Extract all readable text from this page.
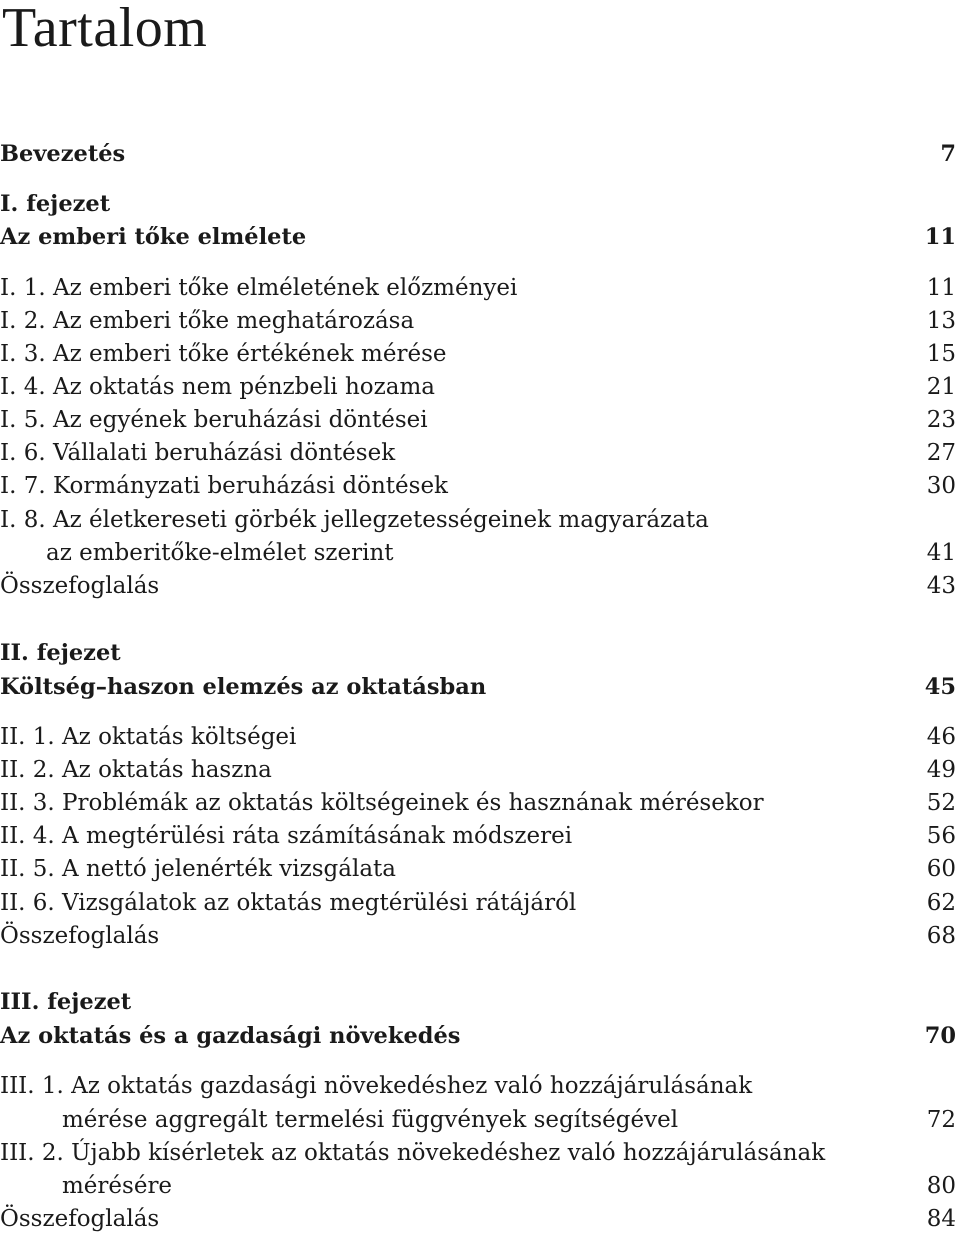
Tartalom
Bevezetés	7
I. fejezet
Az emberi tőke elmélete	11
I. 1. Az emberi tőke elméletének előzményei	11
I. 2. Az emberi tőke meghatározása	13
I. 3. Az emberi tőke értékének mérése	15
I. 4. Az oktatás nem pénzbeli hozama	21
I. 5. Az egyének beruházási döntései	23
I. 6. Vállalati beruházási döntések	27
I. 7. Kormányzati beruházási döntések	30
I. 8. Az életkereseti görbék jellegzetességeinek magyarázata
az emberitőke-elmélet szerint	41
Összefoglalás	43
II. fejezet
Költség–haszon elemzés az oktatásban	45
II. 1. Az oktatás költségei	46
II. 2. Az oktatás haszna	49
II. 3. Problémák az oktatás költségeinek és hasznának mérésekor	52
II. 4. A megtérülési ráta számításának módszerei	56
II. 5. A nettó jelenérték vizsgálata	60
II. 6. Vizsgálatok az oktatás megtérülési rátájáról	62
Összefoglalás	68
III. fejezet
Az oktatás és a gazdasági növekedés	70
III. 1. Az oktatás gazdasági növekedéshez való hozzájárulásának
mérése aggregált termelési függvények segítségével	72
III. 2. Újabb kísérletek az oktatás növekedéshez való hozzájárulásának
mérésére	80
Összefoglalás	84
